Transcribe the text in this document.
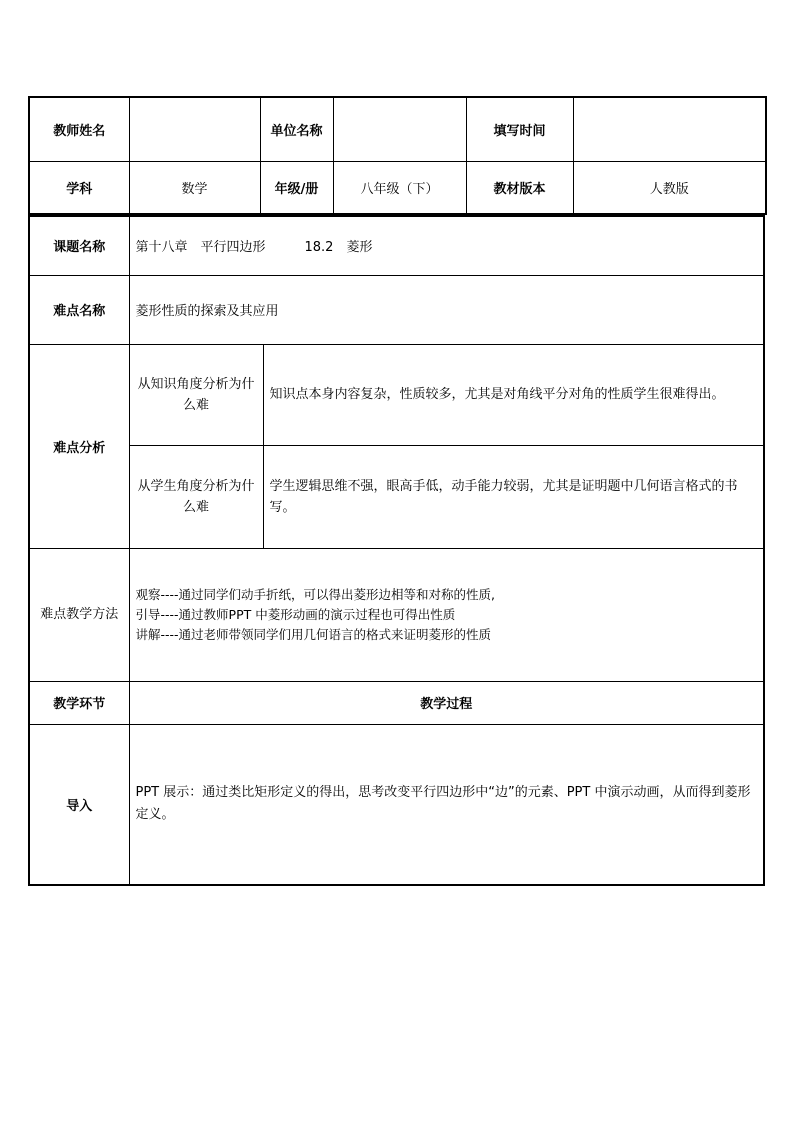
教师姓名		单位名称		填写时间	
学科	数学	年级/册	八年级（下）	教材版本	人教版
课题名称	第十八章　平行四边形　　　18.2　菱形	
难点名称	菱形性质的探索及其应用	
难点分析	从知识角度分析为什么难	知识点本身内容复杂，性质较多，尤其是对角线平分对角的性质学生很难得出。
	从学生角度分析为什么难	学生逻辑思维不强，眼高手低，动手能力较弱，尤其是证明题中几何语言格式的书写。
难点教学方法	观察----通过同学们动手折纸，可以得出菱形边相等和对称的性质,
引导----通过教师PPT 中菱形动画的演示过程也可得出性质
讲解----通过老师带领同学们用几何语言的格式来证明菱形的性质	

教学环节	教学过程	
导入	PPT 展示：通过类比矩形定义的得出，思考改变平行四边形中“边”的元素、PPT 中演示动画，从而得到菱形定义。	
